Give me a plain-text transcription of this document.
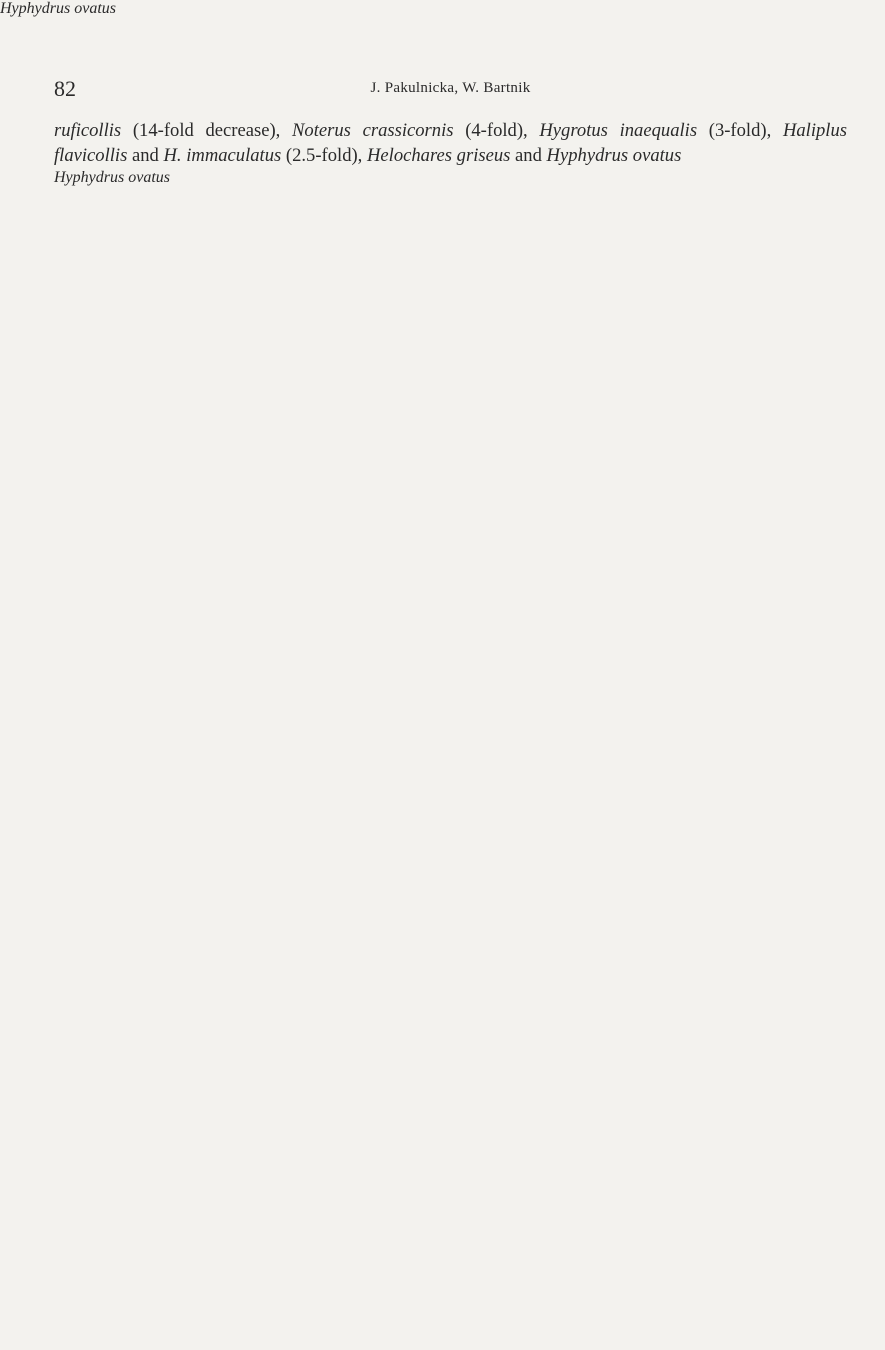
82	J. Pakulnicka, W. Bartnik

ruficollis (14-fold decrease), Noterus crassicornis (4-fold), Hygrotus inaequalis (3-fold), Haliplus flavicollis and H. immaculatus (2.5-fold), Helochares griseus and Hyphydrus ovatus

Hyphydrus ovatus
Hyphydrus ovatus
